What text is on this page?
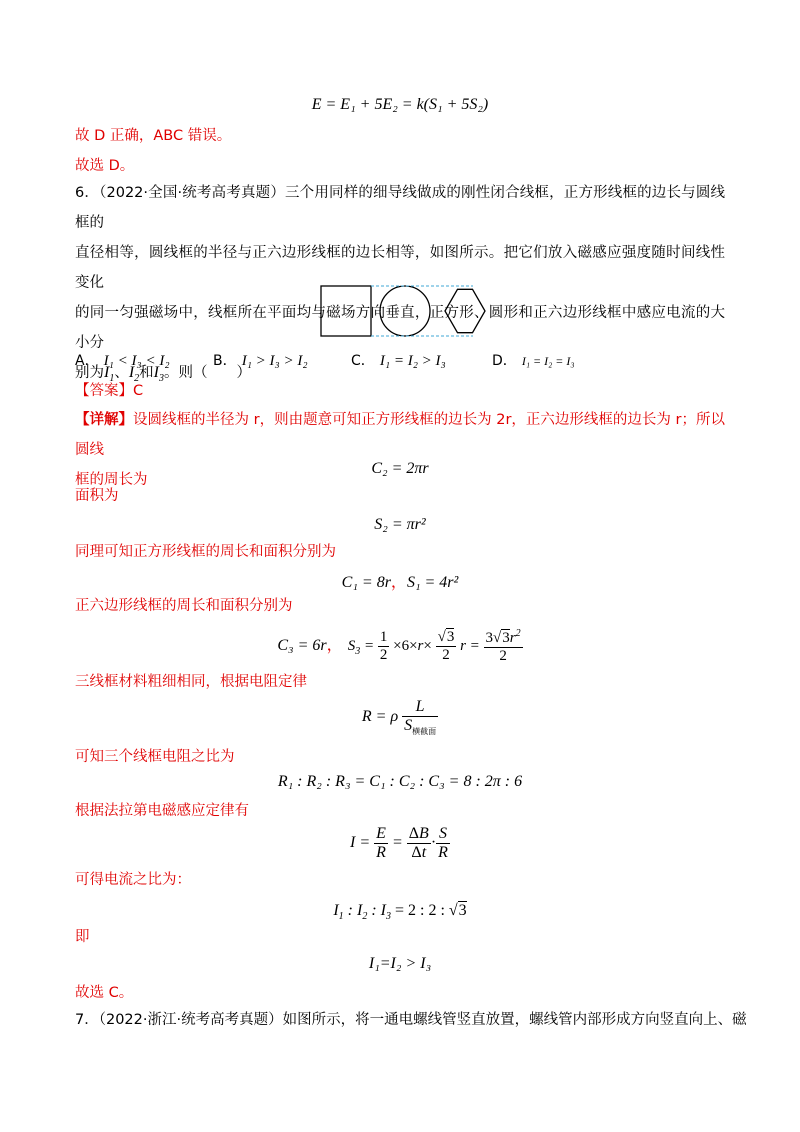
E = E₁ + 5E₂ = k(S₁ + 5S₂)
故 D 正确，ABC 错误。
故选 D。
6．（2022·全国·统考高考真题）三个用同样的细导线做成的刚性闭合线框，正方形线框的边长与圆线框的
直径相等，圆线框的半径与正六边形线框的边长相等，如图所示。把它们放入磁感应强度随时间线性变化
的同一匀强磁场中，线框所在平面均与磁场方向垂直，正方形、圆形和正六边形线框中感应电流的大小分
别为$I_1$、$I_2$和$I_3$。则（　　）
A． I₁ < I₃ < I₂	B． I₁ > I₃ > I₂	C． I₁ = I₂ > I₃	D． I₁ = I₂ = I₃
【答案】C
【详解】设圆线框的半径为 r，则由题意可知正方形线框的边长为 2r，正六边形线框的边长为 r；所以圆线
框的周长为
C₂ = 2πr
面积为
S₂ = πr²
同理可知正方形线框的周长和面积分别为
C₁ = 8r，S₁ = 4r²
正六边形线框的周长和面积分别为
C₃ = 6r， $S_3 = \frac{1}{2} \times 6\times r\times \frac{√3}{2}$ $r = \frac{3√3r^2}{2}$
三线框材料粗细相同，根据电阻定律
R = ρ $\frac{L}{S_{横截面}}$
可知三个线框电阻之比为
R₁ : R₂ : R₃ = C₁ : C₂ : C₃ = 8 : 2π : 6
根据法拉第电磁感应定律有
$I = \frac{E}{R} = \frac{\Delta B}{\Delta t} \cdot \frac{S}{R}$
可得电流之比为：
$I_1$ : $I_2$ : $I_3 = 2$ : 2 : √3
即
I₁=I₂ > I₃
故选 C。
7．（2022·浙江·统考高考真题）如图所示，将一通电螺线管竖直放置，螺线管内部形成方向竖直向上、磁
